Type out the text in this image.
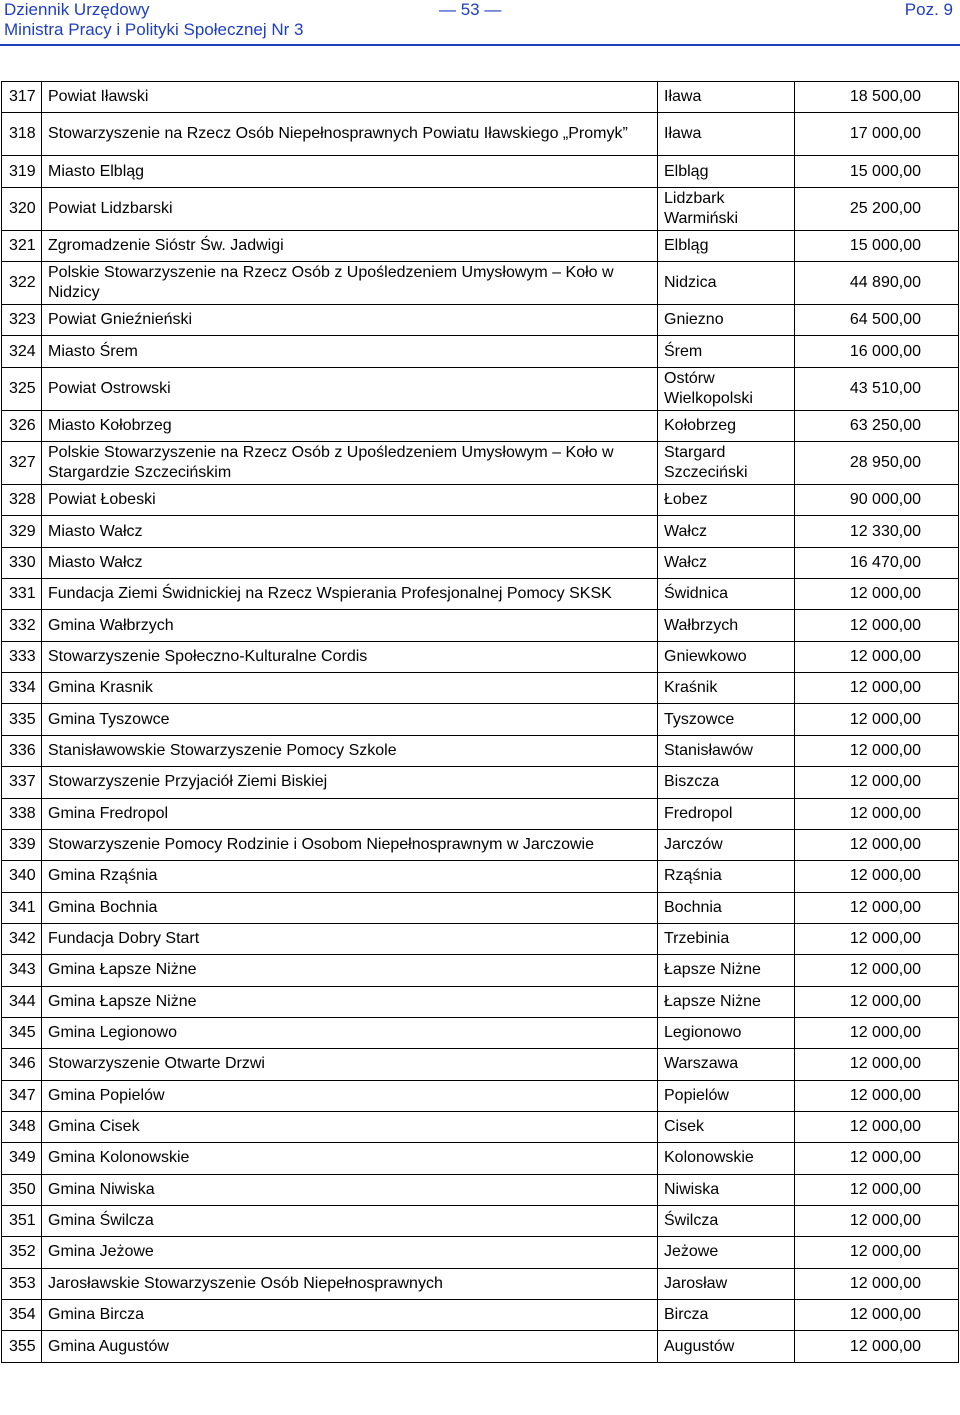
Dziennik Urzędowy
Ministra Pracy i Polityki Społecznej Nr 3
— 53 —	Poz. 9
317	Powiat Iławski	Iława	18 500,00
318	Stowarzyszenie na Rzecz Osób Niepełnosprawnych Powiatu Iławskiego „Promyk”	Iława	17 000,00
319	Miasto Elbląg	Elbląg	15 000,00
320	Powiat Lidzbarski	Lidzbark Warmiński	25 200,00
321	Zgromadzenie Sióstr Św. Jadwigi	Elbląg	15 000,00
322	Polskie Stowarzyszenie na Rzecz Osób z Upośledzeniem Umysłowym – Koło w Nidzicy	Nidzica	44 890,00
323	Powiat Gnieźnieński	Gniezno	64 500,00
324	Miasto Śrem	Śrem	16 000,00
325	Powiat Ostrowski	Ostórw Wielkopolski	43 510,00
326	Miasto Kołobrzeg	Kołobrzeg	63 250,00
327	Polskie Stowarzyszenie na Rzecz Osób z Upośledzeniem Umysłowym – Koło w Stargardzie Szczecińskim	Stargard Szczeciński	28 950,00
328	Powiat Łobeski	Łobez	90 000,00
329	Miasto Wałcz	Wałcz	12 330,00
330	Miasto Wałcz	Wałcz	16 470,00
331	Fundacja Ziemi Świdnickiej na Rzecz Wspierania Profesjonalnej Pomocy SKSK	Świdnica	12 000,00
332	Gmina Wałbrzych	Wałbrzych	12 000,00
333	Stowarzyszenie Społeczno-Kulturalne Cordis	Gniewkowo	12 000,00
334	Gmina Krasnik	Kraśnik	12 000,00
335	Gmina Tyszowce	Tyszowce	12 000,00
336	Stanisławowskie Stowarzyszenie Pomocy Szkole	Stanisławów	12 000,00
337	Stowarzyszenie Przyjaciół Ziemi Biskiej	Biszcza	12 000,00
338	Gmina Fredropol	Fredropol	12 000,00
339	Stowarzyszenie Pomocy Rodzinie i Osobom Niepełnosprawnym w Jarczowie	Jarczów	12 000,00
340	Gmina Rząśnia	Rząśnia	12 000,00
341	Gmina Bochnia	Bochnia	12 000,00
342	Fundacja Dobry Start	Trzebinia	12 000,00
343	Gmina Łapsze Niżne	Łapsze Niżne	12 000,00
344	Gmina Łapsze Niżne	Łapsze Niżne	12 000,00
345	Gmina Legionowo	Legionowo	12 000,00
346	Stowarzyszenie Otwarte Drzwi	Warszawa	12 000,00
347	Gmina Popielów	Popielów	12 000,00
348	Gmina Cisek	Cisek	12 000,00
349	Gmina Kolonowskie	Kolonowskie	12 000,00
350	Gmina Niwiska	Niwiska	12 000,00
351	Gmina Świlcza	Świlcza	12 000,00
352	Gmina Jeżowe	Jeżowe	12 000,00
353	Jarosławskie Stowarzyszenie Osób Niepełnosprawnych	Jarosław	12 000,00
354	Gmina Bircza	Bircza	12 000,00
355	Gmina Augustów	Augustów	12 000,00
